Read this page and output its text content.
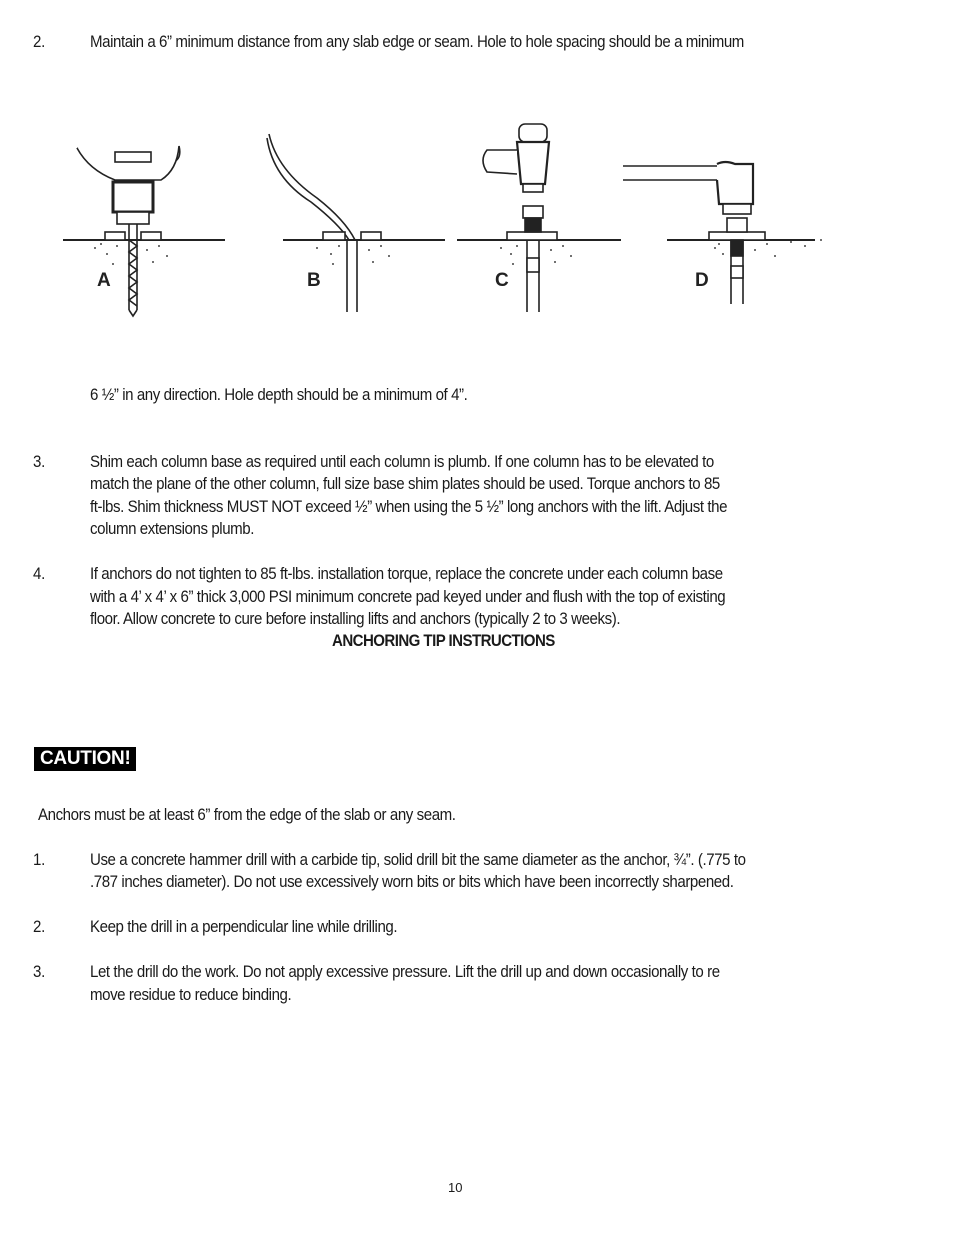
2.	Maintain a 6” minimum distance from any slab edge or seam. Hole to hole spacing should be a minimum
A	B	C	D
6 ½” in any direction. Hole depth should be a minimum of 4”.
3.	Shim each column base as required until each column is plumb. If one column has to be elevated to
match the plane of the other column, full size base shim plates should be used. Torque anchors to 85
ft-lbs. Shim thickness MUST NOT exceed ½” when using the 5 ½” long anchors with the lift. Adjust the
column extensions plumb.
4.	If anchors do not tighten to 85 ft-lbs. installation torque, replace the concrete under each column base
with a 4’ x 4’ x 6” thick 3,000 PSI minimum concrete pad keyed under and flush with the top of existing
floor. Allow concrete to cure before installing lifts and anchors (typically 2 to 3 weeks).
ANCHORING TIP INSTRUCTIONS
CAUTION!
Anchors must be at least 6” from the edge of the slab or any seam.
1.	Use a concrete hammer drill with a carbide tip, solid drill bit the same diameter as the anchor, ¾”. (.775 to
.787 inches diameter). Do not use excessively worn bits or bits which have been incorrectly sharpened.
2.	Keep the drill in a perpendicular line while drilling.
3.	Let the drill do the work. Do not apply excessive pressure. Lift the drill up and down occasionally to re
move residue to reduce binding.
10
